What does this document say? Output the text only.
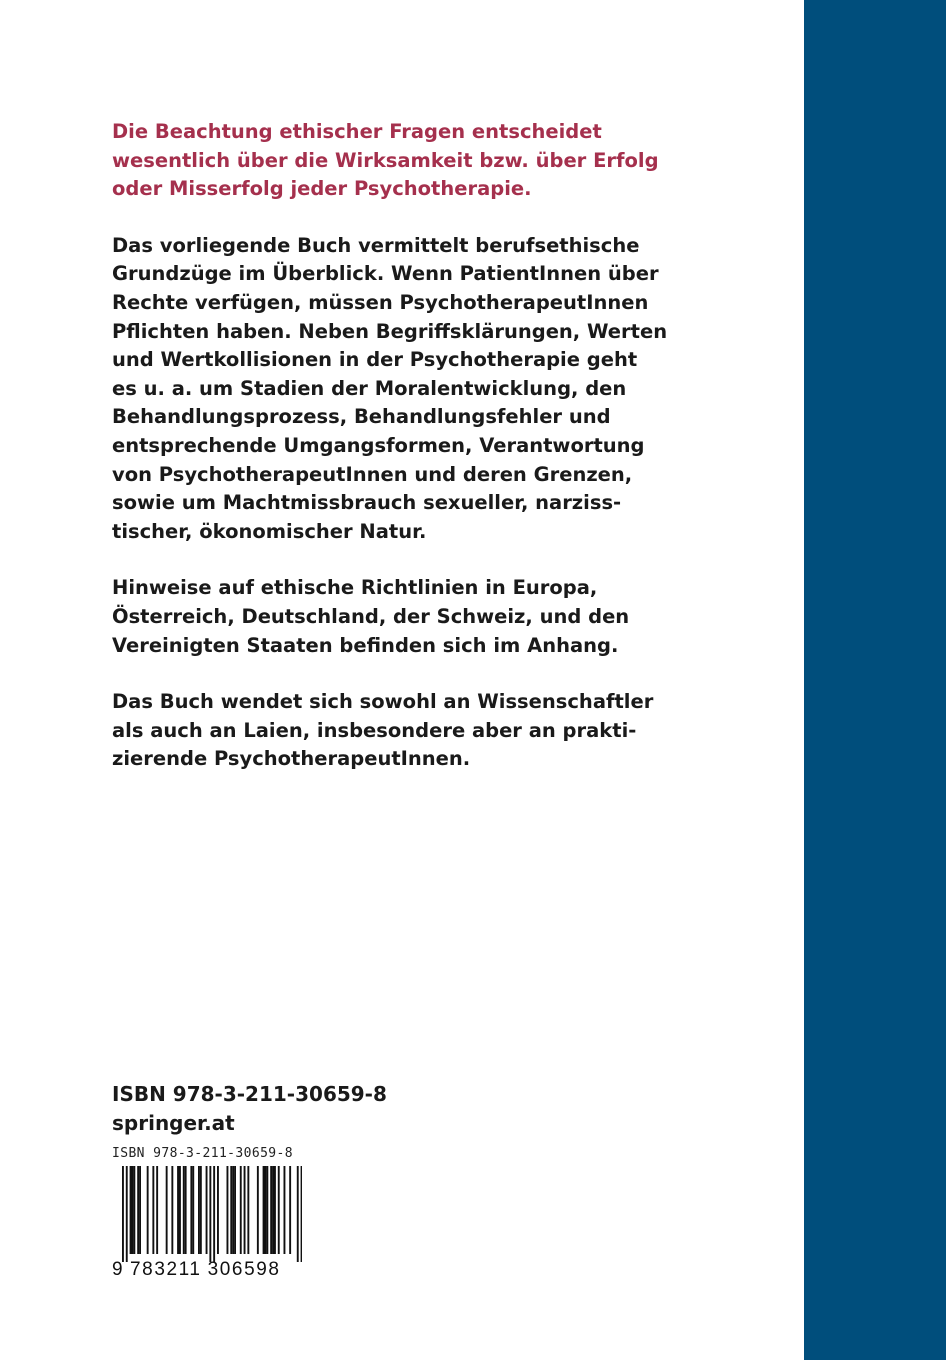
Die Beachtung ethischer Fragen entscheidet
wesentlich über die Wirksamkeit bzw. über Erfolg
oder Misserfolg jeder Psychotherapie.

Das vorliegende Buch vermittelt berufsethische
Grundzüge im Überblick. Wenn PatientInnen über
Rechte verfügen, müssen PsychotherapeutInnen
Pflichten haben. Neben Begriffsklärungen, Werten
und Wertkollisionen in der Psychotherapie geht
es u. a. um Stadien der Moralentwicklung, den
Behandlungsprozess, Behandlungsfehler und
entsprechende Umgangsformen, Verantwortung
von PsychotherapeutInnen und deren Grenzen,
sowie um Machtmissbrauch sexueller, narziss-
tischer, ökonomischer Natur.

Hinweise auf ethische Richtlinien in Europa,
Österreich, Deutschland, der Schweiz, und den
Vereinigten Staaten befinden sich im Anhang.

Das Buch wendet sich sowohl an Wissenschaftler
als auch an Laien, insbesondere aber an prakti-
zierende PsychotherapeutInnen.

ISBN 978-3-211-30659-8
springer.at
ISBN 978-3-211-30659-8
9 783211 306598
